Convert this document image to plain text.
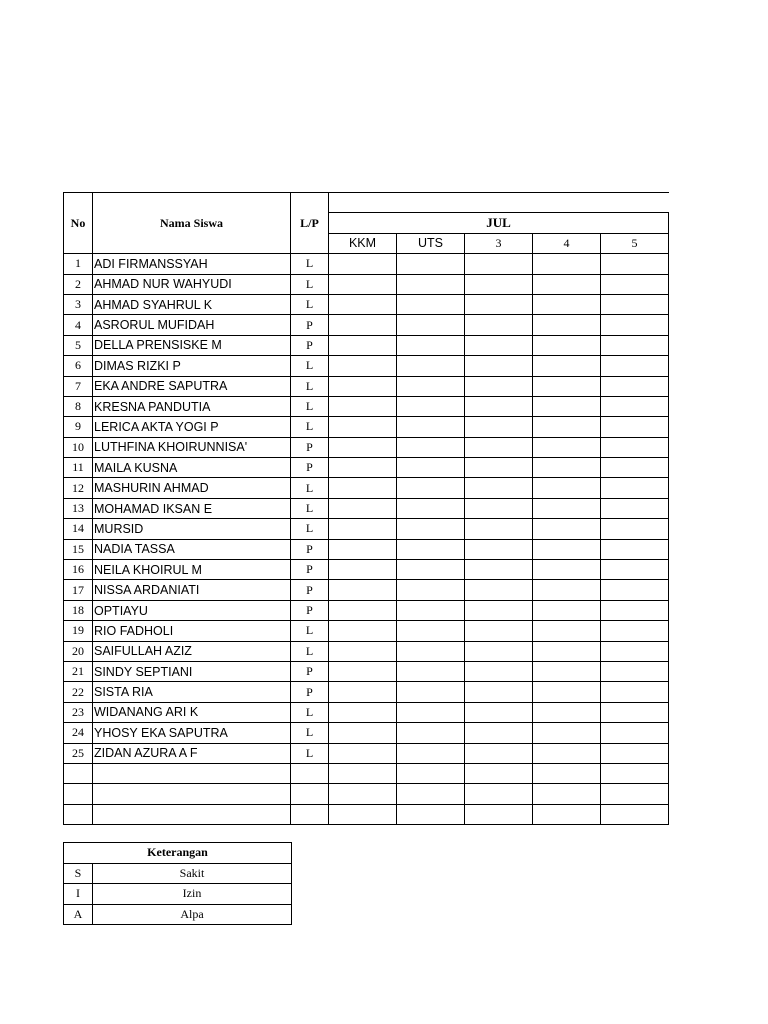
No	Nama Siswa	L/P					
			JUL				
			KKM	UTS	3	4	5
1	ADI FIRMANSSYAH	L					
2	AHMAD NUR WAHYUDI	L					
3	AHMAD SYAHRUL K	L					
4	ASRORUL MUFIDAH	P					
5	DELLA PRENSISKE M	P					
6	DIMAS RIZKI P	L					
7	EKA ANDRE SAPUTRA	L					
8	KRESNA PANDUTIA	L					
9	LERICA AKTA YOGI P	L					
10	LUTHFINA KHOIRUNNISA'	P					
11	MAILA KUSNA	P					
12	MASHURIN AHMAD	L					
13	MOHAMAD IKSAN E	L					
14	MURSID	L					
15	NADIA TASSA	P					
16	NEILA KHOIRUL M	P					
17	NISSA ARDANIATI	P					
18	OPTIAYU	P					
19	RIO FADHOLI	L					
20	SAIFULLAH AZIZ	L					
21	SINDY SEPTIANI	P					
22	SISTA RIA	P					
23	WIDANANG ARI K	L					
24	YHOSY EKA SAPUTRA	L					
25	ZIDAN AZURA A F	L					

Keterangan	
S	Sakit
I	Izin
A	Alpa
